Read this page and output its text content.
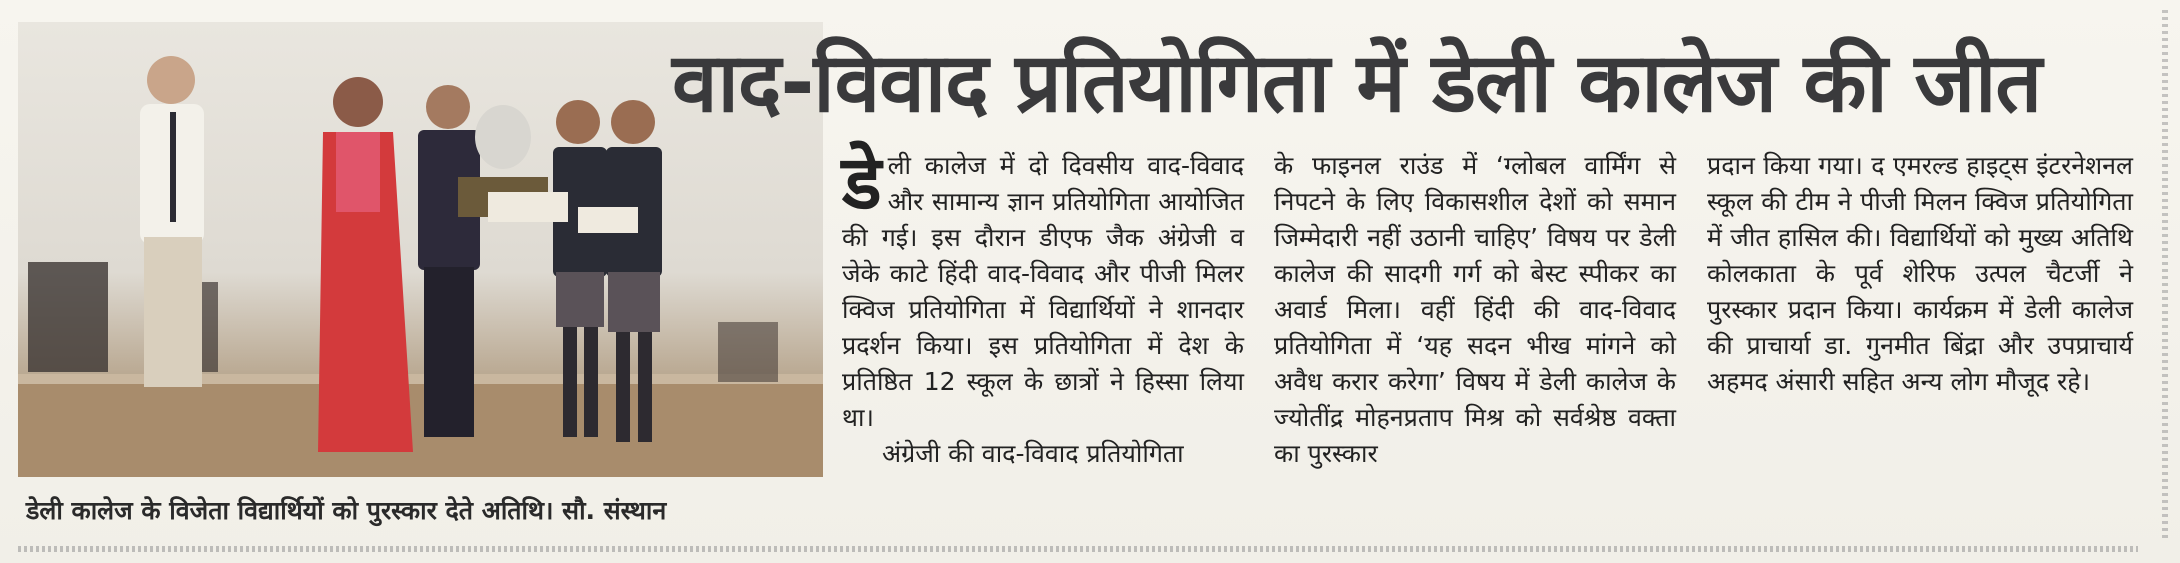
डेली कालेज के विजेता विद्यार्थियों को पुरस्कार देते अतिथि। सौ. संस्थान
वाद-विवाद प्रतियोगिता में डेली कालेज की जीत

डे ली कालेज में दो दिवसीय वाद-विवाद और सामान्य ज्ञान प्रतियोगिता आयोजित की गई। इस दौरान डीएफ जैक अंग्रेजी व जेके काटे हिंदी वाद-विवाद और पीजी मिलर क्विज प्रतियोगिता में विद्यार्थियों ने शानदार प्रदर्शन किया। इस प्रतियोगिता में देश के प्रतिष्ठित 12 स्कूल के छात्रों ने हिस्सा लिया था।

अंग्रेजी की वाद-विवाद प्रतियोगिता

के फाइनल राउंड में ‘ग्लोबल वार्मिंग से निपटने के लिए विकासशील देशों को समान जिम्मेदारी नहीं उठानी चाहिए’ विषय पर डेली कालेज की सादगी गर्ग को बेस्ट स्पीकर का अवार्ड मिला। वहीं हिंदी की वाद-विवाद प्रतियोगिता में ‘यह सदन भीख मांगने को अवैध करार करेगा’ विषय में डेली कालेज के ज्योतींद्र मोहनप्रताप मिश्र को सर्वश्रेष्ठ वक्ता का पुरस्कार

प्रदान किया गया। द एमरल्ड हाइट्स इंटरनेशनल स्कूल की टीम ने पीजी मिलन क्विज प्रतियोगिता में जीत हासिल की। विद्यार्थियों को मुख्य अतिथि कोलकाता के पूर्व शेरिफ उत्पल चैटर्जी ने पुरस्कार प्रदान किया। कार्यक्रम में डेली कालेज की प्राचार्या डा. गुनमीत बिंद्रा और उपप्राचार्य अहमद अंसारी सहित अन्य लोग मौजूद रहे।
